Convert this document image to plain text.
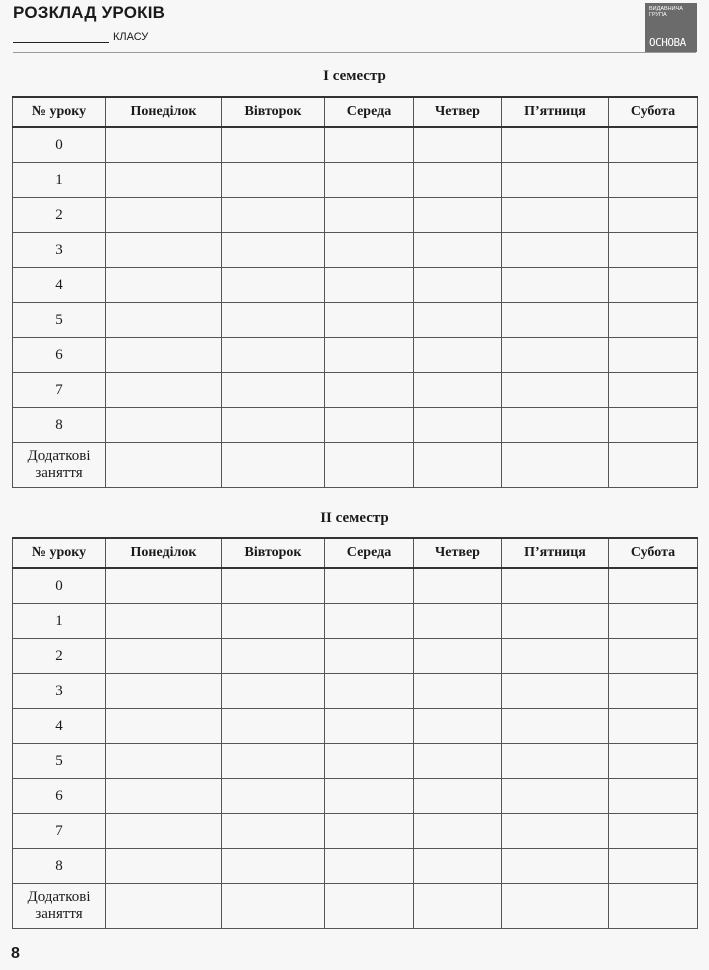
РОЗКЛАД УРОКІВ
КЛАСУ
ВИДАВНИЧА ГРУПА
ОСНОВА
I семестр
№ уроку	Понеділок	Вівторок	Середа	Четвер	П’ятниця	Субота
0						
1						
2						
3						
4						
5						
6						
7						
8						

Додаткові
заняття						

II семестр
№ уроку	Понеділок	Вівторок	Середа	Четвер	П’ятниця	Субота
0						
1						
2						
3						
4						
5						
6						
7						
8						

Додаткові
заняття						

8
